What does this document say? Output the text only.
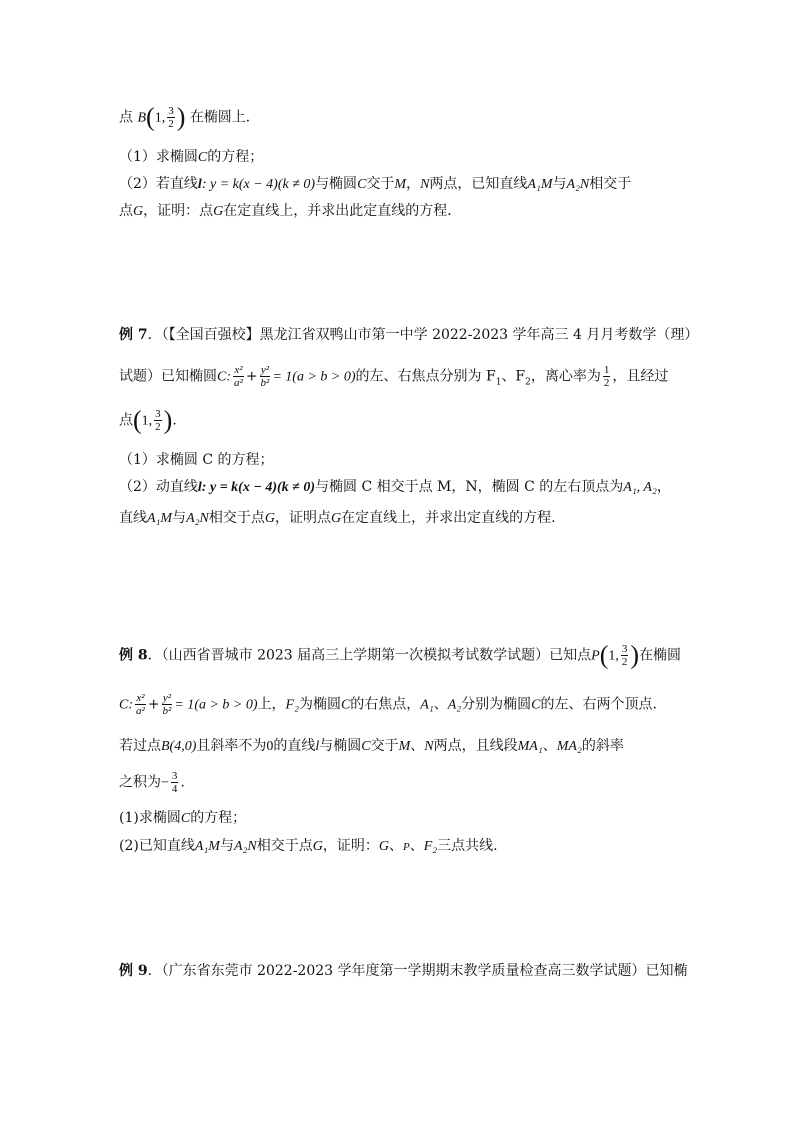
点 B(1, $\frac{3}{2}$ ) 在椭圆上．
（1）求椭圆C的方程；
（2）若直线l: y = k(x − 4)(k ≠ 0)与椭圆C交于M，N两点，已知直线A₁M与A₂N相交于
点G，证明：点G在定直线上，并求出此定直线的方程．
例 7．（【全国百强校】黑龙江省双鸭山市第一中学 2022-2023 学年高三 4 月月考数学（理）
试题）已知椭圆C: $\frac{\text{x²}}{\text{a²}} + \frac{\text{y²}}{\text{b²}} = 1(a > b > 0)$的左、右焦点分别为 $F_1$、$F_2$，离心率为 $\frac{1}{2}$ ，且经过
点(1, $\frac{3}{2}$ ).
（1）求椭圆 C 的方程；
（2）动直线l: y = k(x − 4)(k ≠ 0)与椭圆 C 相交于点 M，N，椭圆 C 的左右顶点为A₁, A₂，
直线A₁M与A₂N相交于点G，证明点G在定直线上，并求出定直线的方程.
例 8．（山西省晋城市 2023 届高三上学期第一次模拟考试数学试题）已知点P(1, $\frac{3}{2}$ )在椭圆
C: $\frac{\text{x²}}{\text{a²}} + \frac{\text{y²}}{\text{b²}} = 1(a > b > 0)$上，F₂为椭圆C的右焦点，A₁、A₂分别为椭圆C的左、右两个顶点.
若过点B(4,0)且斜率不为0的直线l与椭圆C交于M、N两点，且线段MA₁、MA₂的斜率
之积为− $\frac{3}{4}$ .
(1)求椭圆C的方程；
(2)已知直线A₁M与A₂N相交于点G，证明：G、P、F₂三点共线.
例 9．（广东省东莞市 2022-2023 学年度第一学期期末教学质量检查高三数学试题）已知椭
